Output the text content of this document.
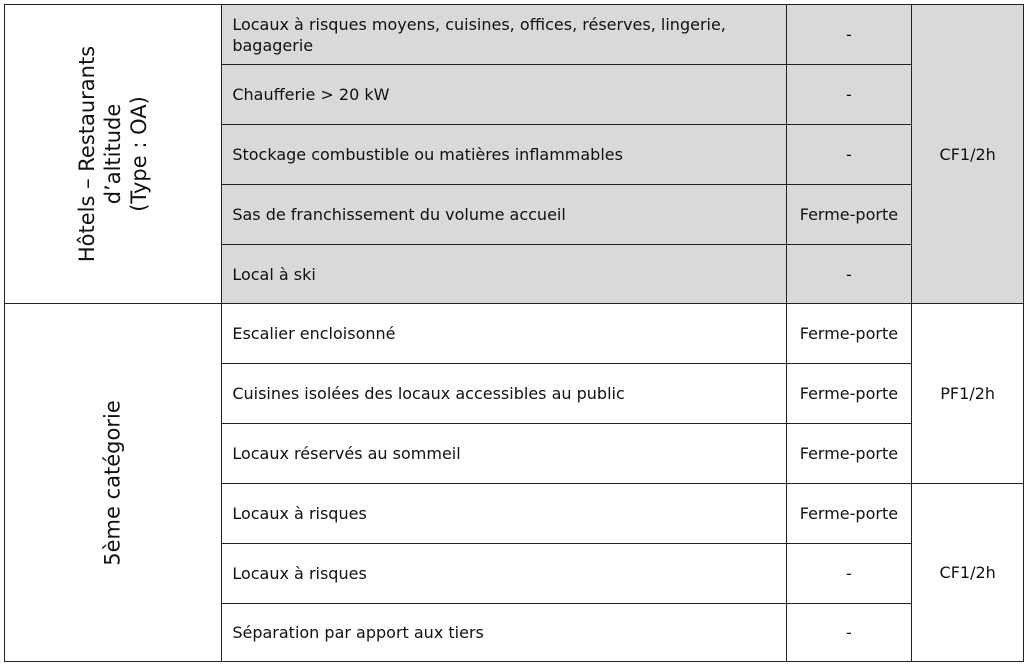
Hôtels – Restaurants
d’altitude
(Type : OA)	Locaux à risques moyens, cuisines, offices, réserves, lingerie, bagagerie	-	CF1/2h
	Chaufferie > 20 kW	-	
	Stockage combustible ou matières inflammables	-	
	Sas de franchissement du volume accueil	Ferme-porte	
	Local à ski	-	
5ème catégorie	Escalier encloisonné	Ferme-porte	PF1/2h
	Cuisines isolées des locaux accessibles au public	Ferme-porte	
	Locaux réservés au sommeil	Ferme-porte	
	Locaux à risques	Ferme-porte	CF1/2h
	Locaux à risques	-	
	Séparation par apport aux tiers	-	
